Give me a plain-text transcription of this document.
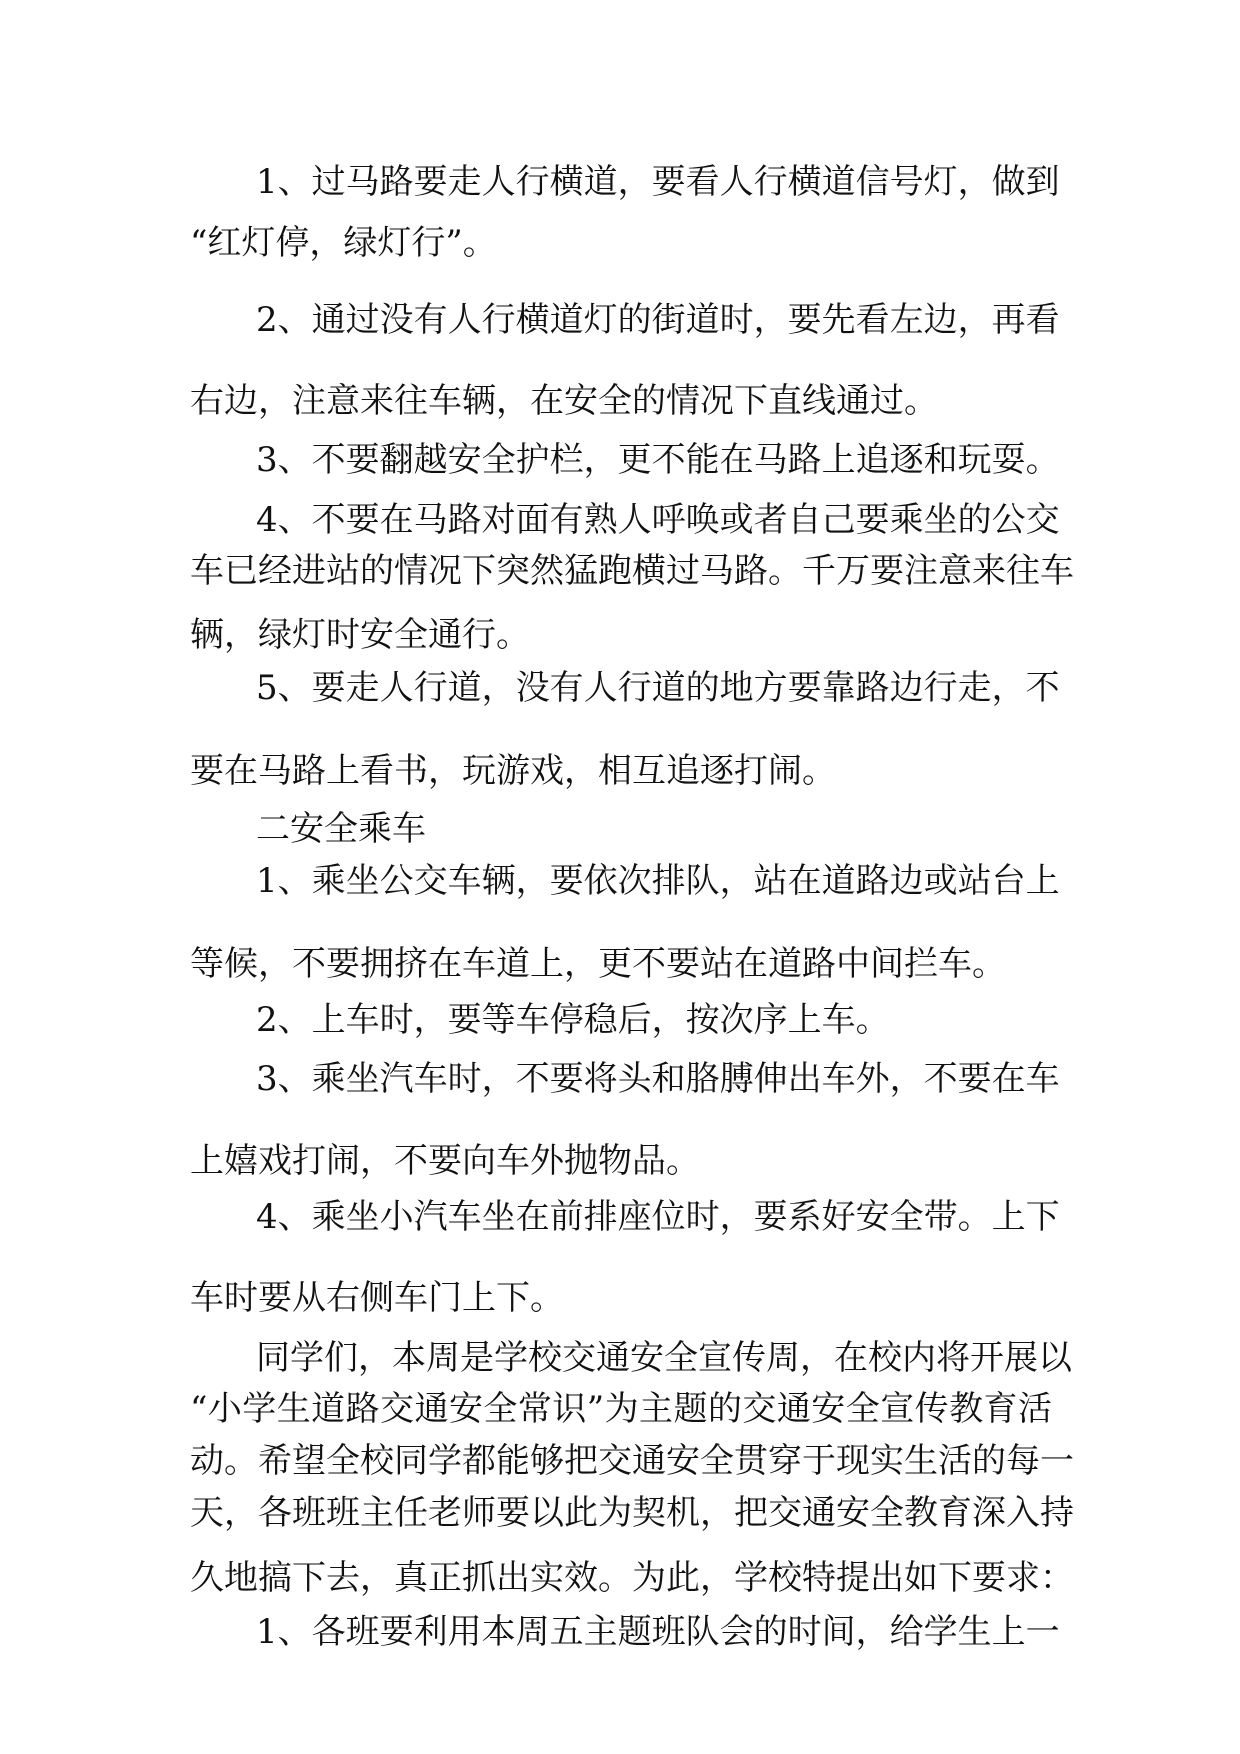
1、过马路要走人行横道，要看人行横道信号灯，做到
“红灯停，绿灯行”。
2、通过没有人行横道灯的街道时，要先看左边，再看
右边，注意来往车辆，在安全的情况下直线通过。
3、不要翻越安全护栏，更不能在马路上追逐和玩耍。
4、不要在马路对面有熟人呼唤或者自己要乘坐的公交
车已经进站的情况下突然猛跑横过马路。千万要注意来往车
辆，绿灯时安全通行。
5、要走人行道，没有人行道的地方要靠路边行走，不
要在马路上看书，玩游戏，相互追逐打闹。
二安全乘车
1、乘坐公交车辆，要依次排队，站在道路边或站台上
等候，不要拥挤在车道上，更不要站在道路中间拦车。
2、上车时，要等车停稳后，按次序上车。
3、乘坐汽车时，不要将头和胳膊伸出车外，不要在车
上嬉戏打闹，不要向车外抛物品。
4、乘坐小汽车坐在前排座位时，要系好安全带。上下
车时要从右侧车门上下。
同学们，本周是学校交通安全宣传周，在校内将开展以
“小学生道路交通安全常识”为主题的交通安全宣传教育活
动。希望全校同学都能够把交通安全贯穿于现实生活的每一
天，各班班主任老师要以此为契机，把交通安全教育深入持
久地搞下去，真正抓出实效。为此，学校特提出如下要求：
1、各班要利用本周五主题班队会的时间，给学生上一
